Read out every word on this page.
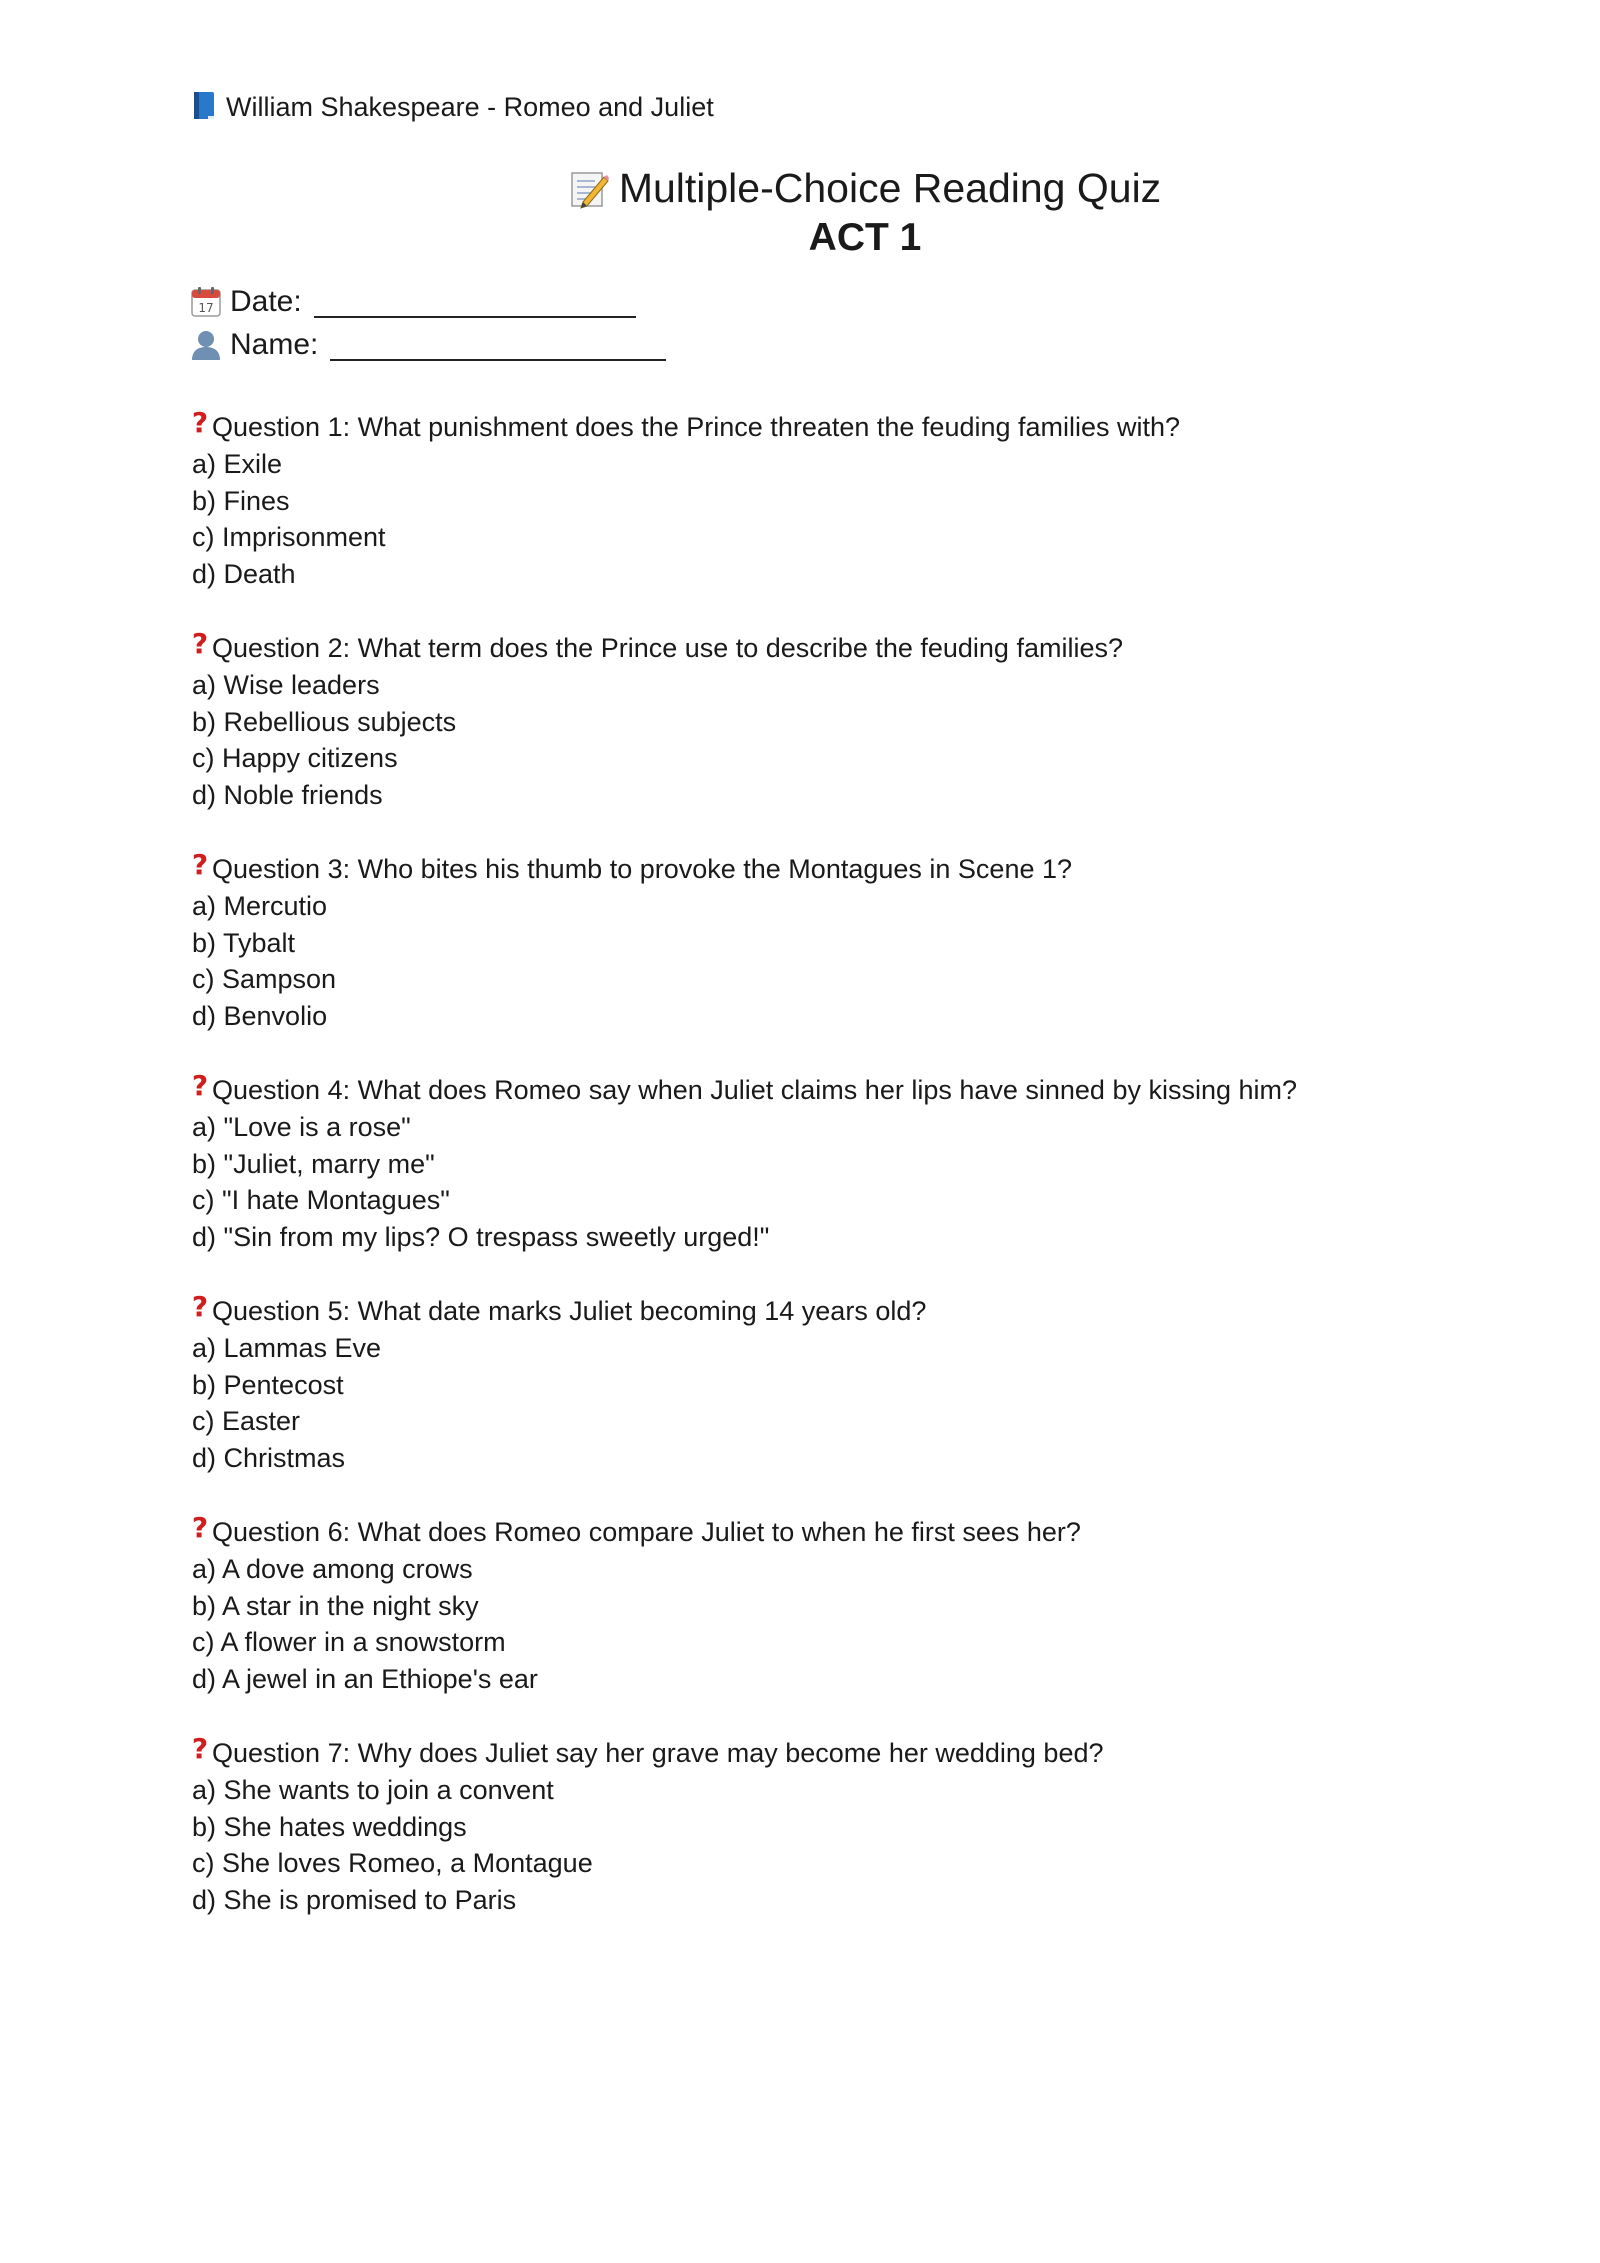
William Shakespeare - Romeo and Juliet
Multiple-Choice Reading Quiz
ACT 1
17 Date:
Name:
? Question 1: What punishment does the Prince threaten the feuding families with?
a) Exile
b) Fines
c) Imprisonment
d) Death
? Question 2: What term does the Prince use to describe the feuding families?
a) Wise leaders
b) Rebellious subjects
c) Happy citizens
d) Noble friends
? Question 3: Who bites his thumb to provoke the Montagues in Scene 1?
a) Mercutio
b) Tybalt
c) Sampson
d) Benvolio
? Question 4: What does Romeo say when Juliet claims her lips have sinned by kissing him?
a) "Love is a rose"
b) "Juliet, marry me"
c) "I hate Montagues"
d) "Sin from my lips? O trespass sweetly urged!"
? Question 5: What date marks Juliet becoming 14 years old?
a) Lammas Eve
b) Pentecost
c) Easter
d) Christmas
? Question 6: What does Romeo compare Juliet to when he first sees her?
a) A dove among crows
b) A star in the night sky
c) A flower in a snowstorm
d) A jewel in an Ethiope's ear
? Question 7: Why does Juliet say her grave may become her wedding bed?
a) She wants to join a convent
b) She hates weddings
c) She loves Romeo, a Montague
d) She is promised to Paris
